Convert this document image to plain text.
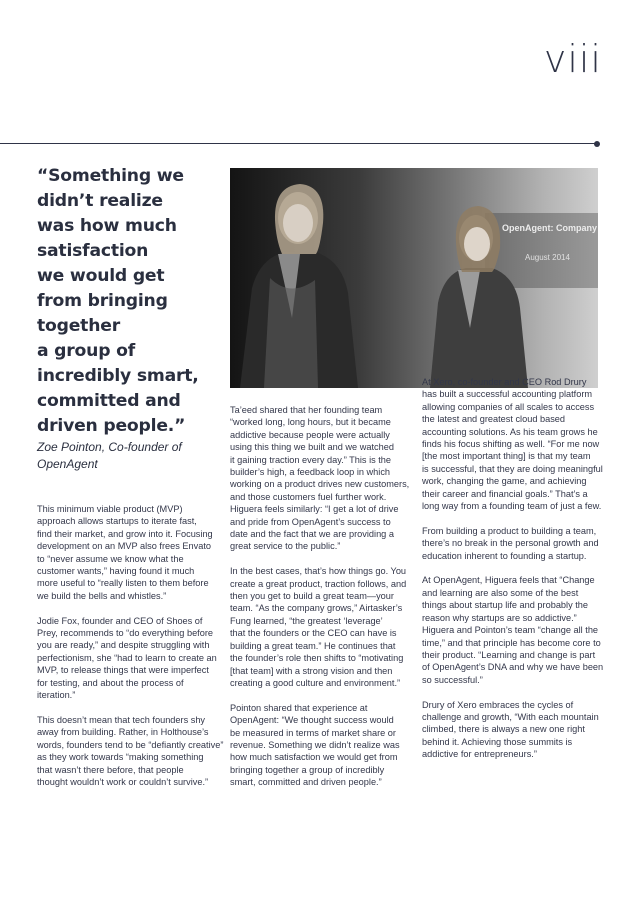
viii
“Something we
didn’t realize
was how much
satisfaction
we would get
from bringing
together
a group of
incredibly smart,
committed and
driven people.”
Zoe Pointon, Co-founder of
OpenAgent
OpenAgent: Company
August 2014

This minimum viable product (MVP)
approach allows startups to iterate fast,
find their market, and grow into it. Focusing
development on an MVP also frees Envato
to “never assume we know what the
customer wants,” having found it much
more useful to “really listen to them before
we build the bells and whistles.”

Jodie Fox, founder and CEO of Shoes of
Prey, recommends to “do everything before
you are ready,” and despite struggling with
perfectionism, she “had to learn to create an
MVP, to release things that were imperfect
for testing, and about the process of
iteration.”

This doesn’t mean that tech founders shy
away from building. Rather, in Holthouse’s
words, founders tend to be “defiantly creative”
as they work towards “making something
that wasn’t there before, that people
thought wouldn’t work or couldn’t survive.”

Ta’eed shared that her founding team
“worked long, long hours, but it became
addictive because people were actually
using this thing we built and we watched
it gaining traction every day.” This is the
builder’s high, a feedback loop in which
working on a product drives new customers,
and those customers fuel further work.
Higuera feels similarly: “I get a lot of drive
and pride from OpenAgent’s success to
date and the fact that we are providing a
great service to the public.”

In the best cases, that’s how things go. You
create a great product, traction follows, and
then you get to build a great team—your
team. “As the company grows,” Airtasker’s
Fung learned, “the greatest ‘leverage’
that the founders or the CEO can have is
building a great team.” He continues that
the founder’s role then shifts to “motivating
[that team] with a strong vision and then
creating a good culture and environment.”

Pointon shared that experience at
OpenAgent: “We thought success would
be measured in terms of market share or
revenue. Something we didn’t realize was
how much satisfaction we would get from
bringing together a group of incredibly
smart, committed and driven people.”

At Xero, co-founder and CEO Rod Drury
has built a successful accounting platform
allowing companies of all scales to access
the latest and greatest cloud based
accounting solutions. As his team grows he
finds his focus shifting as well. “For me now
[the most important thing] is that my team
is successful, that they are doing meaningful
work, changing the game, and achieving
their career and financial goals.” That’s a
long way from a founding team of just a few.

From building a product to building a team,
there’s no break in the personal growth and
education inherent to founding a startup.

At OpenAgent, Higuera feels that “Change
and learning are also some of the best
things about startup life and probably the
reason why startups are so addictive.”
Higuera and Pointon’s team “change all the
time,” and that principle has become core to
their product. “Learning and change is part
of OpenAgent’s DNA and why we have been
so successful.”

Drury of Xero embraces the cycles of
challenge and growth, “With each mountain
climbed, there is always a new one right
behind it. Achieving those summits is
addictive for entrepreneurs.”
